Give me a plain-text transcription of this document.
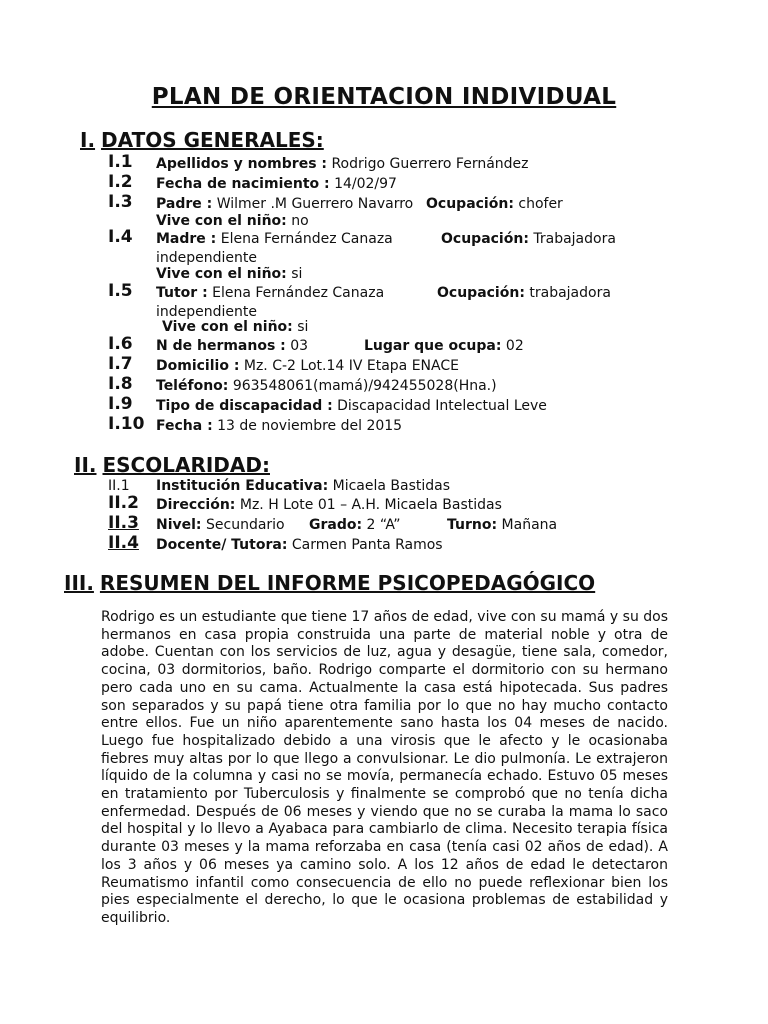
PLAN DE ORIENTACION INDIVIDUAL
I. DATOS GENERALES:
I.1 Apellidos y nombres : Rodrigo Guerrero Fernández
I.2 Fecha de nacimiento : 14/02/97
I.3 Padre : Wilmer .M Guerrero Navarro Ocupación: chofer
Vive con el niño: no
I.4 Madre : Elena Fernández Canaza	Ocupación: Trabajadora
independiente
Vive con el niño: si
I.5 Tutor : Elena Fernández Canaza	Ocupación: trabajadora
independiente
Vive con el niño: si
I.6 N de hermanos : 03	Lugar que ocupa: 02
I.7 Domicilio : Mz. C-2 Lot.14 IV Etapa ENACE
I.8 Teléfono: 963548061(mamá)/942455028(Hna.)
I.9 Tipo de discapacidad : Discapacidad Intelectual Leve
I.10 Fecha : 13 de noviembre del 2015
II. ESCOLARIDAD:
II.1 Institución Educativa: Micaela Bastidas
II.2 Dirección: Mz. H Lote 01 – A.H. Micaela Bastidas
II.3 Nivel: Secundario Grado: 2 “A”	Turno: Mañana
II.4 Docente/ Tutora: Carmen Panta Ramos
III. RESUMEN DEL INFORME PSICOPEDAGÓGICO
Rodrigo es un estudiante que tiene 17 años de edad, vive con su mamá y su dos hermanos en casa propia construida una parte de material noble y otra de adobe. Cuentan con los servicios de luz, agua y desagüe, tiene sala, comedor, cocina, 03 dormitorios, baño. Rodrigo comparte el dormitorio con su hermano pero cada uno en su cama. Actualmente la casa está hipotecada. Sus padres son separados y su papá tiene otra familia por lo que no hay mucho contacto entre ellos. Fue un niño aparentemente sano hasta los 04 meses de nacido. Luego fue hospitalizado debido a una virosis que le afecto y le ocasionaba fiebres muy altas por lo que llego a convulsionar. Le dio pulmonía. Le extrajeron líquido de la columna y casi no se movía, permanecía echado. Estuvo 05 meses en tratamiento por Tuberculosis y finalmente se comprobó que no tenía dicha enfermedad. Después de 06 meses y viendo que no se curaba la mama lo saco del hospital y lo llevo a Ayabaca para cambiarlo de clima. Necesito terapia física durante 03 meses y la mama reforzaba en casa (tenía casi 02 años de edad). A los 3 años y 06 meses ya camino solo. A los 12 años de edad le detectaron Reumatismo infantil como consecuencia de ello no puede reflexionar bien los pies especialmente el derecho, lo que le ocasiona problemas de estabilidad y equilibrio.
